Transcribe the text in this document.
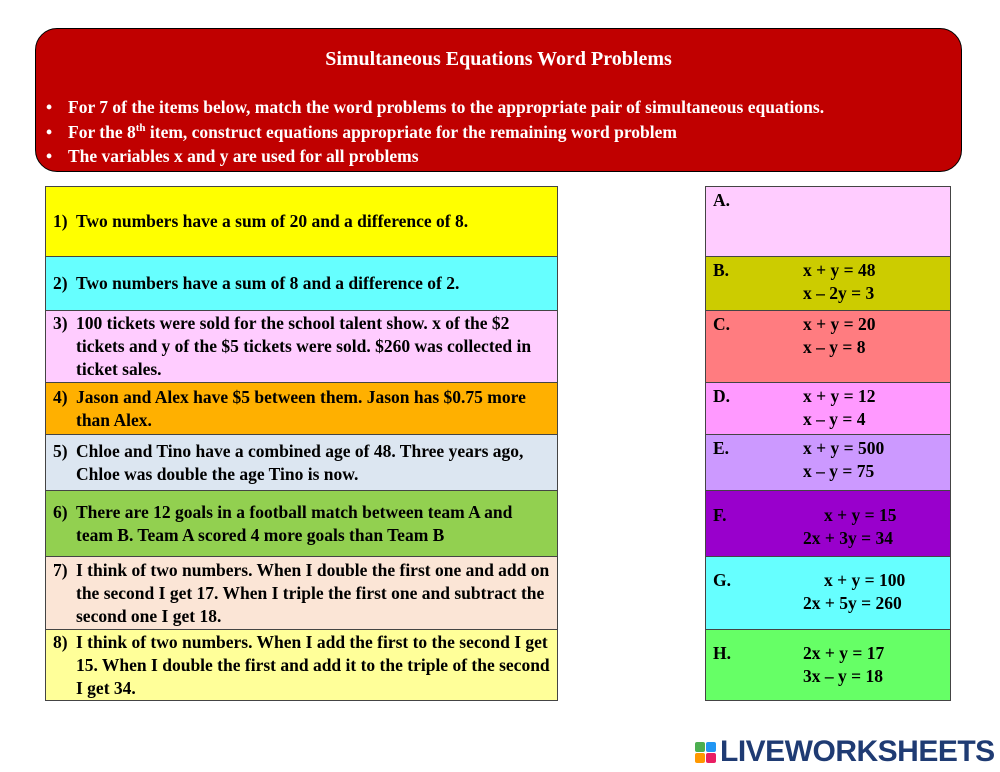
Simultaneous Equations Word Problems
• For 7 of the items below, match the word problems to the appropriate pair of simultaneous equations.
• For the 8th item, construct equations appropriate for the remaining word problem
• The variables x and y are used for all problems
1) Two numbers have a sum of 20 and a difference of 8.
2) Two numbers have a sum of 8 and a difference of 2.
3) 100 tickets were sold for the school talent show. x of the $2 tickets and y of the $5 tickets were sold. $260 was collected in ticket sales.
4) Jason and Alex have $5 between them. Jason has $0.75 more than Alex.
5) Chloe and Tino have a combined age of 48. Three years ago, Chloe was double the age Tino is now.
6) There are 12 goals in a football match between team A and team B. Team A scored 4 more goals than Team B
7) I think of two numbers. When I double the first one and add on the second I get 17. When I triple the first one and subtract the second one I get 18.
8) I think of two numbers. When I add the first to the second I get 15. When I double the first and add it to the triple of the second I get 34.
A.
B.	x + y = 48
x – 2y = 3
C.	x + y = 20
x – y = 8
D.	x + y = 12
x – y = 4
E.	x + y = 500
x – y = 75
F.	x + y = 15
2x + 3y = 34
G.	x + y = 100
2x + 5y = 260
H.	2x + y = 17
3x – y = 18
LIVEWORKSHEETS
